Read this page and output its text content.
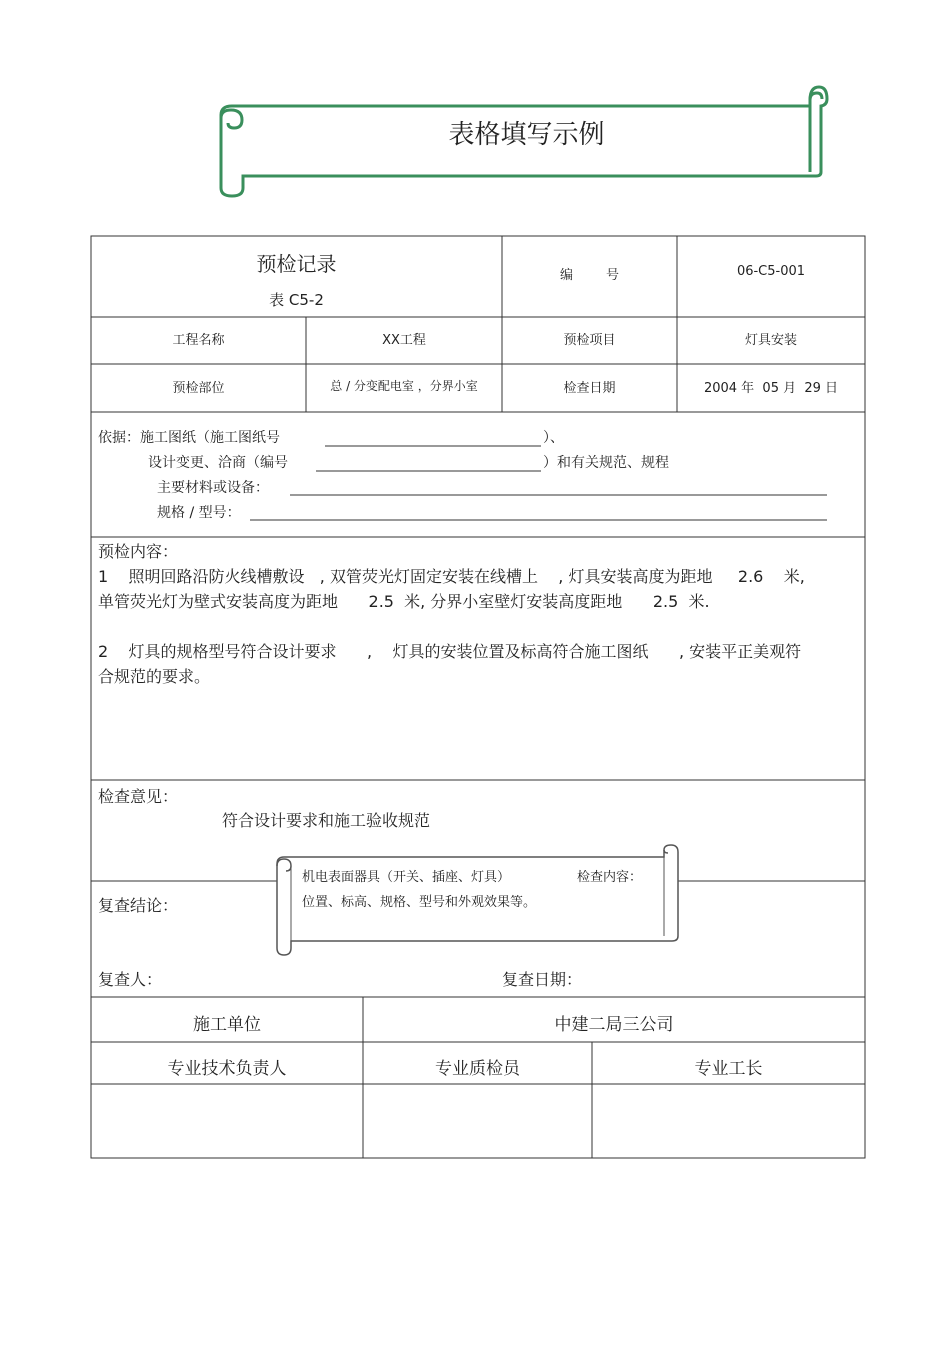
表格填写示例
预检记录
表 C5-2
编        号	06-C5-001
工程名称	XX工程	预检项目	灯具安装
预检部位	总 / 分变配电室 ，分界小室	检查日期	2004 年  05 月  29 日
依据：施工图纸（施工图纸号	）、
设计变更、洽商（编号	）和有关规范、规程
主要材料或设备：
规格 / 型号：
预检内容：
1    照明回路沿防火线槽敷设   , 双管荧光灯固定安装在线槽上    , 灯具安装高度为距地     2.6    米,
单管荧光灯为壁式安装高度为距地      2.5  米, 分界小室壁灯安装高度距地      2.5  米.
2    灯具的规格型号符合设计要求      ,    灯具的安装位置及标高符合施工图纸      , 安装平正美观符
合规范的要求。
检查意见：
符合设计要求和施工验收规范
复查结论：
复查人：	复查日期：
机电表面器具（开关、插座、灯具）	检查内容：
位置、标高、规格、型号和外观效果等。
施工单位	中建二局三公司
专业技术负责人	专业质检员	专业工长
